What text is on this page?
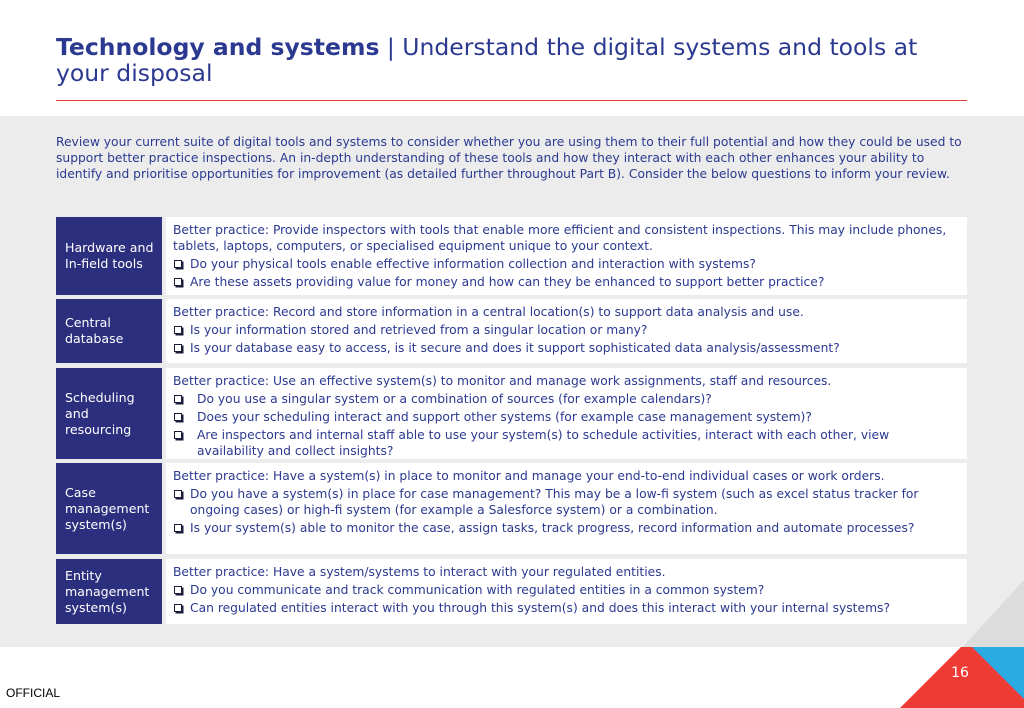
Technology and systems | Understand the digital systems and tools at your disposal

Review your current suite of digital tools and systems to consider whether you are using them to their full potential and how they could be used to support better practice inspections. An in-depth understanding of these tools and how they interact with each other enhances your ability to identify and prioritise opportunities for improvement (as detailed further throughout Part B). Consider the below questions to inform your review.

Hardware and In-field tools

Better practice: Provide inspectors with tools that enable more efficient and consistent inspections. This may include phones, tablets, laptops, computers, or specialised equipment unique to your context.

Do your physical tools enable effective information collection and interaction with systems?
Are these assets providing value for money and how can they be enhanced to support better practice?
Central database

Better practice: Record and store information in a central location(s) to support data analysis and use.

Is your information stored and retrieved from a singular location or many?
Is your database easy to access, is it secure and does it support sophisticated data analysis/assessment?
Scheduling and resourcing

Better practice: Use an effective system(s) to monitor and manage work assignments, staff and resources.

Do you use a singular system or a combination of sources (for example calendars)?
Does your scheduling interact and support other systems (for example case management system)?
Are inspectors and internal staff able to use your system(s) to schedule activities, interact with each other, view availability and collect insights?
Case management system(s)

Better practice: Have a system(s) in place to monitor and manage your end-to-end individual cases or work orders.

Do you have a system(s) in place for case management? This may be a low-fi system (such as excel status tracker for ongoing cases) or high-fi system (for example a Salesforce system) or a combination.
Is your system(s) able to monitor the case, assign tasks, track progress, record information and automate processes?
Entity management system(s)

Better practice: Have a system/systems to interact with your regulated entities.

Do you communicate and track communication with regulated entities in a common system?
Can regulated entities interact with you through this system(s) and does this interact with your internal systems?
16
OFFICIAL
